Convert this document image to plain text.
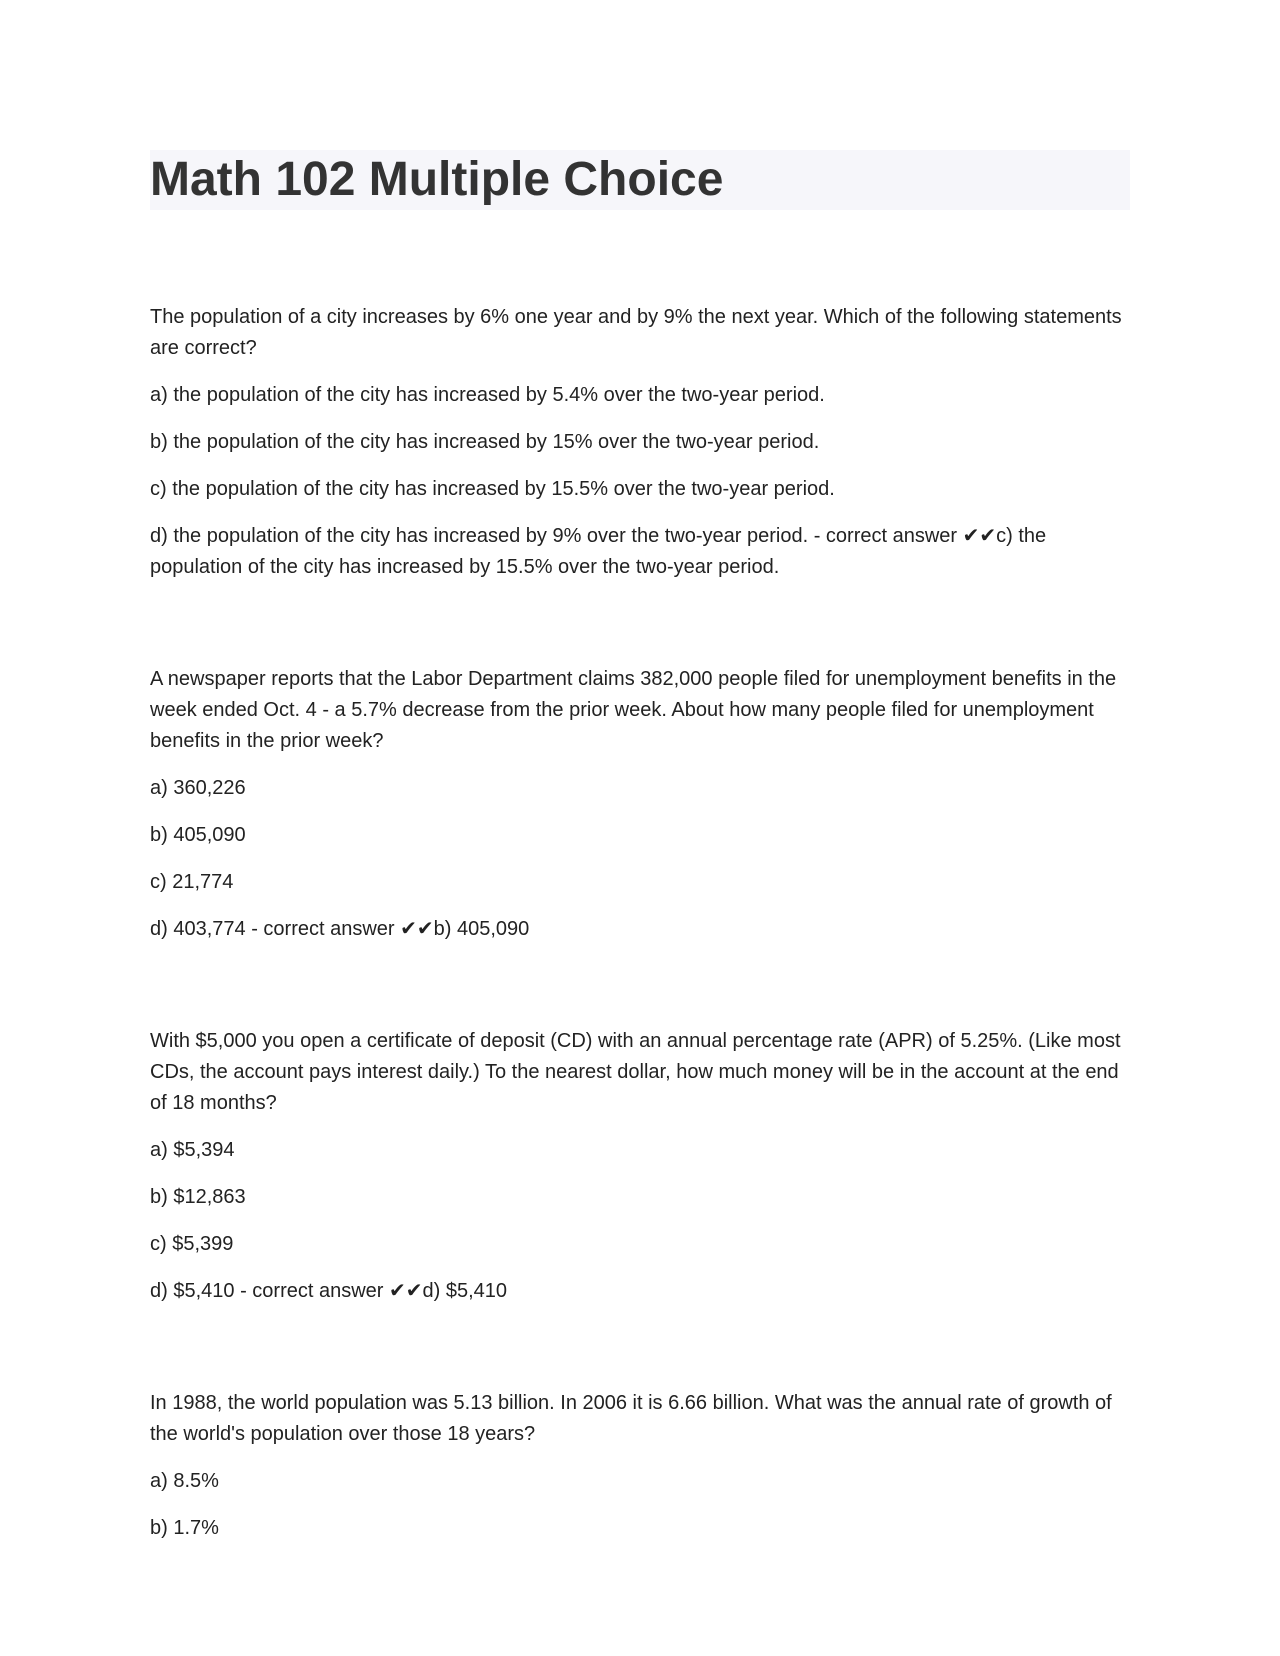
Math 102 Multiple Choice

The population of a city increases by 6% one year and by 9% the next year. Which of the following statements are correct?

a) the population of the city has increased by 5.4% over the two-year period.

b) the population of the city has increased by 15% over the two-year period.

c) the population of the city has increased by 15.5% over the two-year period.

d) the population of the city has increased by 9% over the two-year period. - correct answer ✔✔c) the population of the city has increased by 15.5% over the two-year period.

A newspaper reports that the Labor Department claims 382,000 people filed for unemployment benefits in the week ended Oct. 4 - a 5.7% decrease from the prior week. About how many people filed for unemployment benefits in the prior week?

a) 360,226

b) 405,090

c) 21,774

d) 403,774 - correct answer ✔✔b) 405,090

With $5,000 you open a certificate of deposit (CD) with an annual percentage rate (APR) of 5.25%. (Like most CDs, the account pays interest daily.) To the nearest dollar, how much money will be in the account at the end of 18 months?

a) $5,394

b) $12,863

c) $5,399

d) $5,410 - correct answer ✔✔d) $5,410

In 1988, the world population was 5.13 billion. In 2006 it is 6.66 billion. What was the annual rate of growth of the world's population over those 18 years?

a) 8.5%

b) 1.7%
